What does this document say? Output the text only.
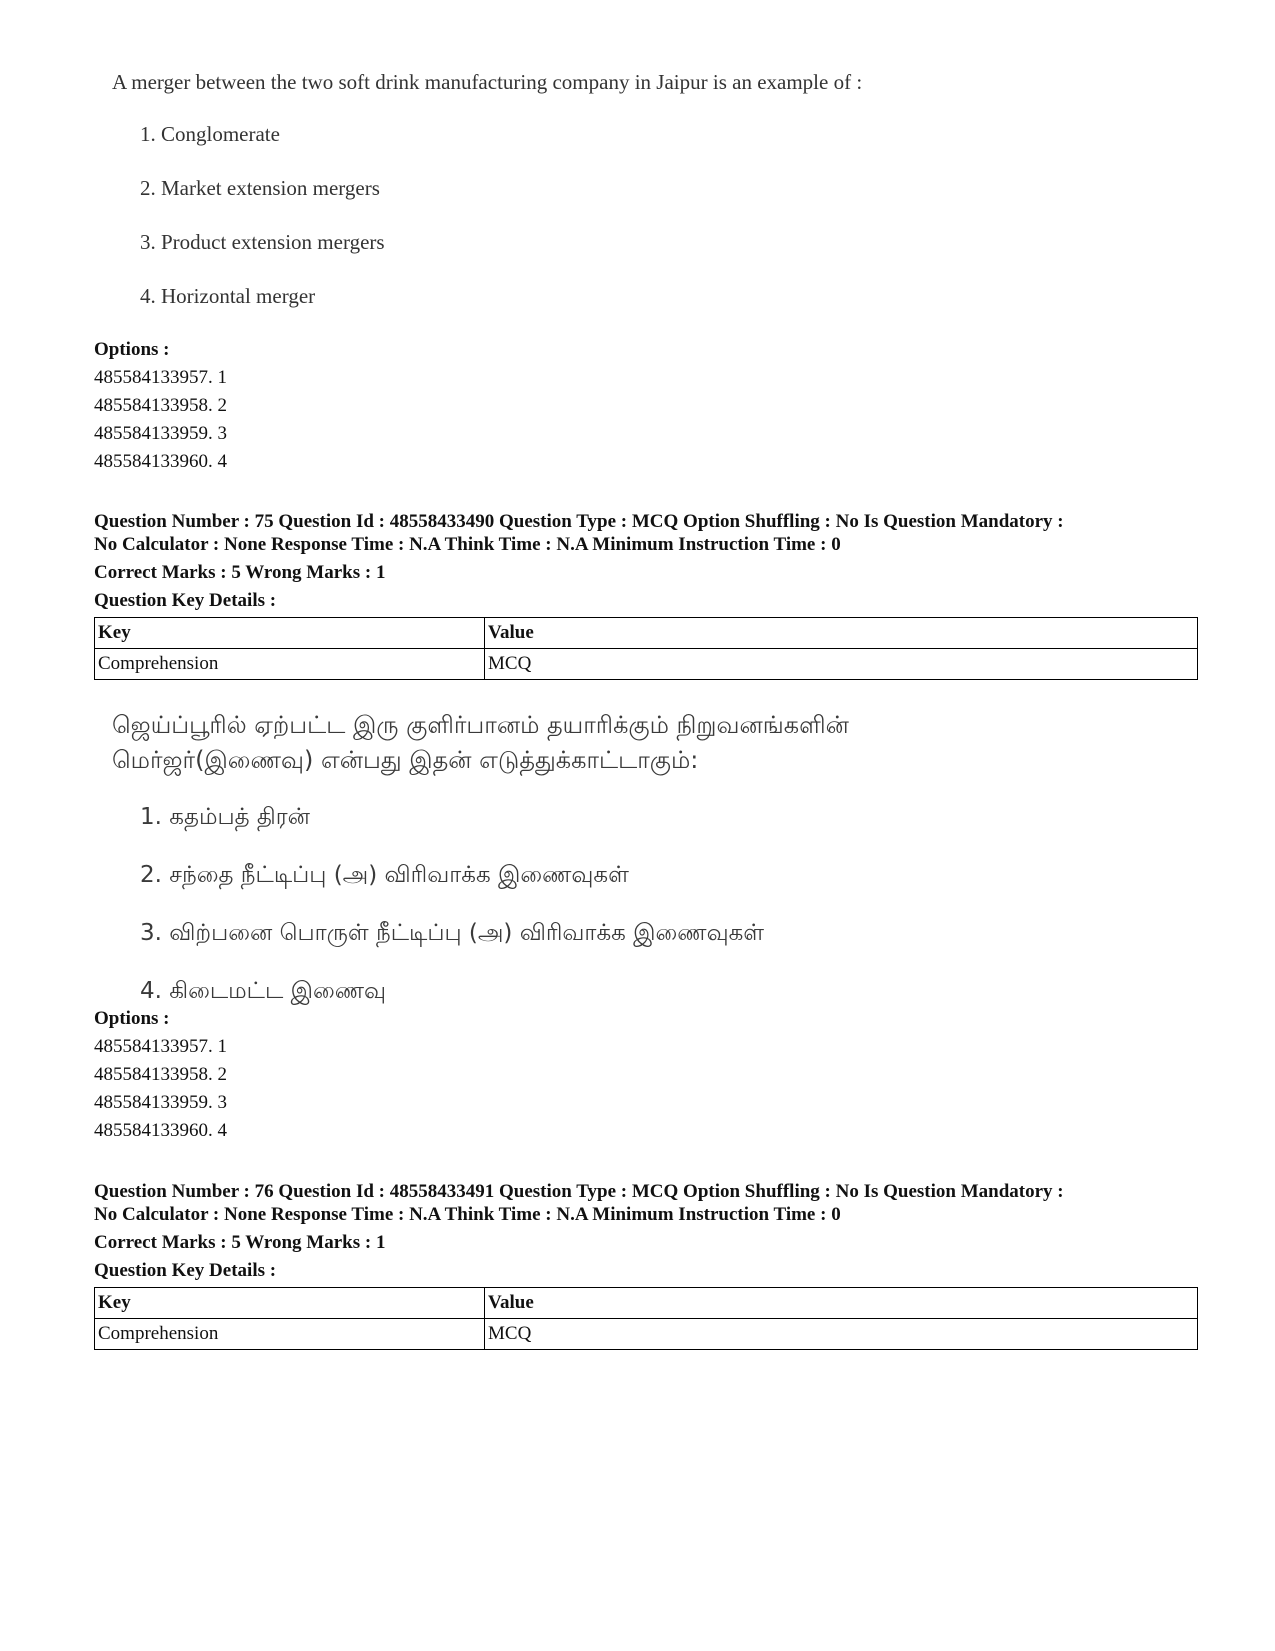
A merger between the two soft drink manufacturing company in Jaipur is an example of :

1. Conglomerate
2. Market extension mergers
3. Product extension mergers
4. Horizontal merger
Options :
485584133957. 1
485584133958. 2
485584133959. 3
485584133960. 4
Question Number : 75 Question Id : 48558433490 Question Type : MCQ Option Shuffling : No Is Question Mandatory :
No Calculator : None Response Time : N.A Think Time : N.A Minimum Instruction Time : 0
Correct Marks : 5 Wrong Marks : 1
Question Key Details :
Key	Value
Comprehension	MCQ
ஜெய்ப்பூரில் ஏற்பட்ட இரு குளிர்பானம் தயாரிக்கும் நிறுவனங்களின்
மெர்ஜர்(இணைவு) என்பது இதன் எடுத்துக்காட்டாகும்:
1. கதம்பத் திரன்
2. சந்தை நீட்டிப்பு (அ) விரிவாக்க இணைவுகள்
3. விற்பனை பொருள் நீட்டிப்பு (அ) விரிவாக்க இணைவுகள்
4. கிடைமட்ட இணைவு
Options :
485584133957. 1
485584133958. 2
485584133959. 3
485584133960. 4
Question Number : 76 Question Id : 48558433491 Question Type : MCQ Option Shuffling : No Is Question Mandatory :
No Calculator : None Response Time : N.A Think Time : N.A Minimum Instruction Time : 0
Correct Marks : 5 Wrong Marks : 1
Question Key Details :
Key	Value
Comprehension	MCQ
